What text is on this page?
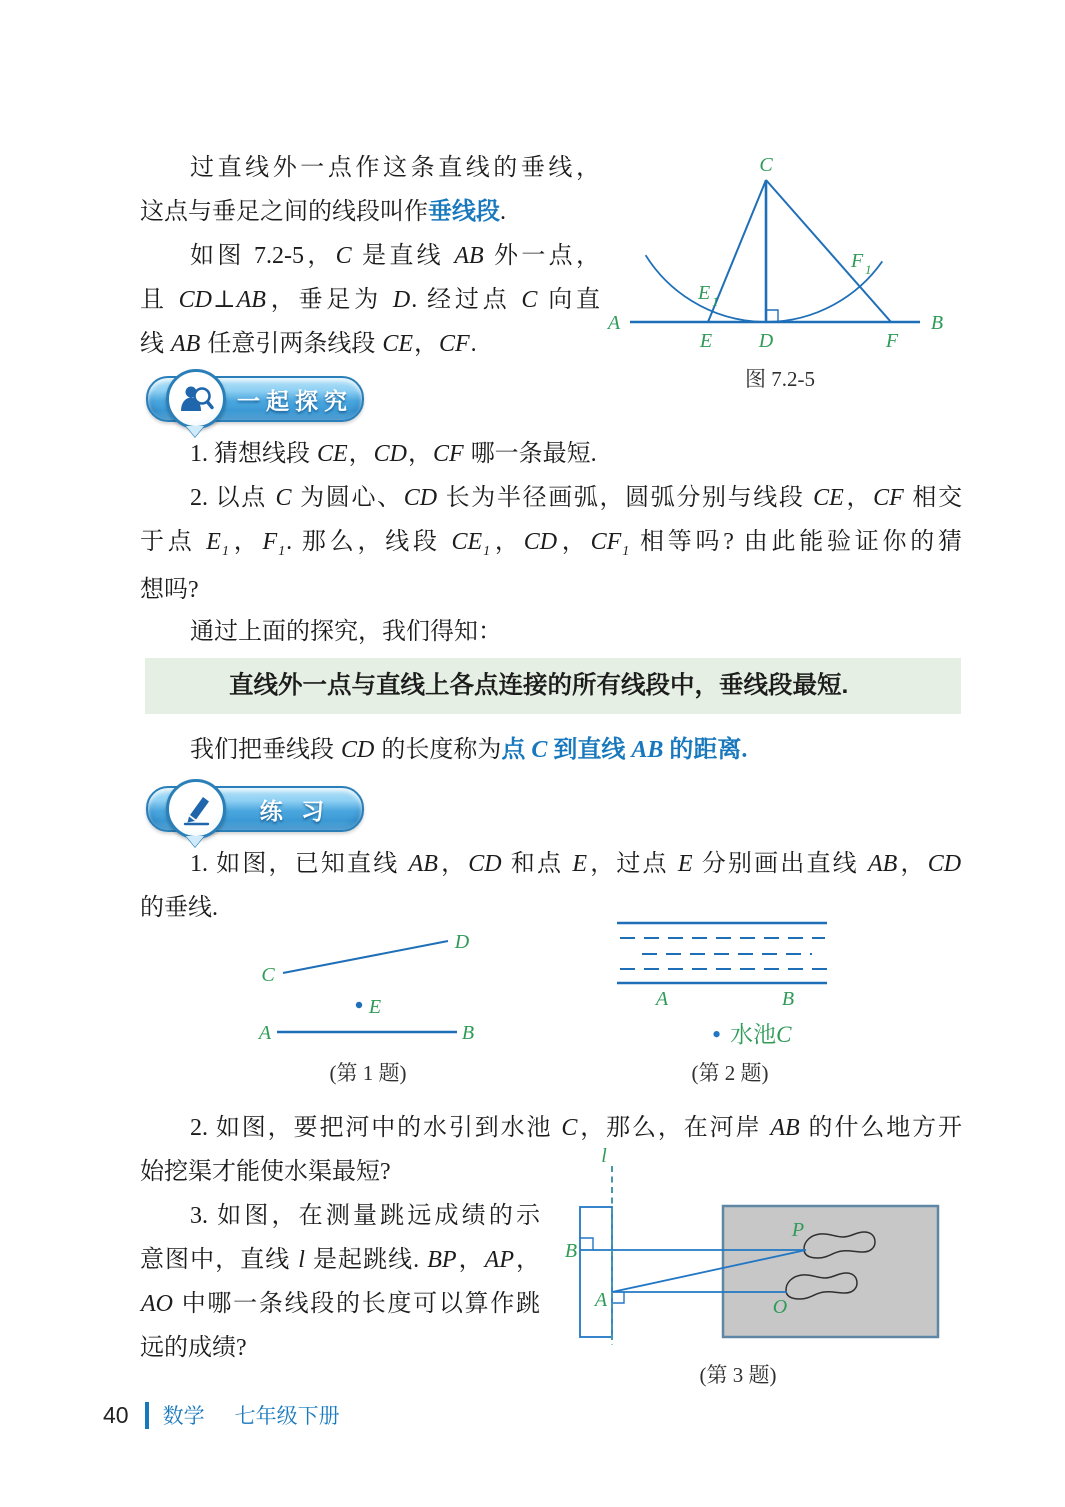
过直线外一点作这条直线的垂线，
这点与垂足之间的线段叫作垂线段.
如图 7.2-5，C 是直线 AB 外一点，
且 CD⊥AB，垂足为 D. 经过点 C 向直
线 AB 任意引两条线段 CE，CF.
C
A	B
E D	F
E 1
F 1
图 7.2-5
一起探究
1. 猜想线段 CE，CD，CF 哪一条最短.
2. 以点 C 为圆心、CD 长为半径画弧，圆弧分别与线段 CE，CF 相交
于点 $E_1$，$F_1$. 那么，线段 $CE_1$，CD，$CF_1$ 相等吗? 由此能验证你的猜
想吗?
通过上面的探究，我们得知：
直线外一点与直线上各点连接的所有线段中，垂线段最短.
我们把垂线段 CD 的长度称为点 C 到直线 AB 的距离.
练 习
1. 如图，已知直线 AB，CD 和点 E，过点 E 分别画出直线 AB，CD
的垂线.
C
D
E
A	B
(第 1 题)
A	B
• 水池C
(第 2 题)
2. 如图，要把河中的水引到水池 C，那么，在河岸 AB 的什么地方开
始挖渠才能使水渠最短?
3. 如图，在测量跳远成绩的示
意图中，直线 l 是起跳线. BP，AP，
AO 中哪一条线段的长度可以算作跳
远的成绩?
l
B
A
P
O
(第 3 题)
40 数学 七年级下册
